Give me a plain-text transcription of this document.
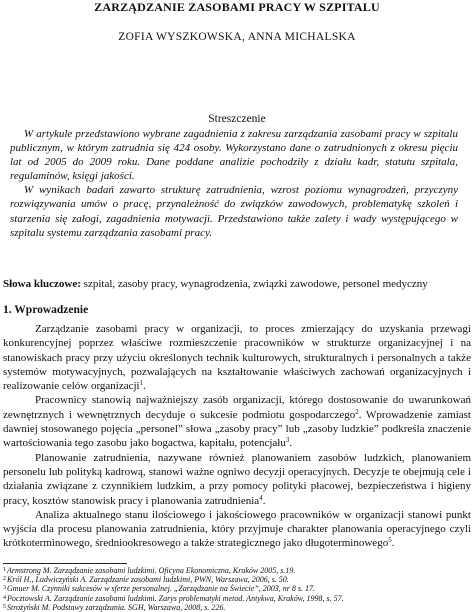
ZARZĄDZANIE ZASOBAMI PRACY W SZPITALU
ZOFIA WYSZKOWSKA, ANNA MICHALSKA
Streszczenie

W artykule przedstawiono wybrane zagadnienia z zakresu zarządzania zasobami pracy w szpitalu publicznym, w którym zatrudnia się 424 osoby. Wykorzystano dane o zatrudnionych z okresu pięciu lat od 2005 do 2009 roku. Dane poddane analizie pochodziły z działu kadr, statutu szpitala, regulaminów, księgi jakości.

W wynikach badań zawarto strukturę zatrudnienia, wzrost poziomu wynagrodzeń, przyczyny rozwiązywania umów o pracę, przynależność do związków zawodowych, problematykę szkoleń i starzenia się załogi, zagadnienia motywacji. Przedstawiono także zalety i wady występującego w szpitalu systemu zarządzania zasobami pracy.

Słowa kluczowe: szpital, zasoby pracy, wynagrodzenia, związki zawodowe, personel medyczny
1. Wprowadzenie

Zarządzanie zasobami pracy w organizacji, to proces zmierzający do uzyskania przewagi konkurencyjnej poprzez właściwe rozmieszczenie pracowników w strukturze organizacyjnej i na stanowiskach pracy przy użyciu określonych technik kulturowych, strukturalnych i personalnych a także systemów motywacyjnych, pozwalających na kształtowanie właściwych zachowań organizacyjnych i realizowanie celów organizacji$^1$.

Pracownicy stanowią najważniejszy zasób organizacji, którego dostosowanie do uwarunkowań zewnętrznych i wewnętrznych decyduje o sukcesie podmiotu gospodarczego$^2$. Wprowadzenie zamiast dawniej stosowanego pojęcia „personel” słowa „zasoby pracy” lub „zasoby ludzkie” podkreśla znaczenie wartościowania tego zasobu jako bogactwa, kapitału, potencjału$^3$.

Planowanie zatrudnienia, nazywane również planowaniem zasobów ludzkich, planowaniem personelu lub polityką kadrową, stanowi ważne ogniwo decyzji operacyjnych. Decyzje te obejmują cele i działania związane z czynnikiem ludzkim, a przy pomocy polityki płacowej, bezpieczeństwa i higieny pracy, kosztów stanowisk pracy i planowania zatrudnienia$^4$.

Analiza aktualnego stanu ilościowego i jakościowego pracowników w organizacji stanowi punkt wyjścia dla procesu planowania zatrudnienia, który przyjmuje charakter planowania operacyjnego czyli krótkoterminowego, średniookresowego a także strategicznego jako długoterminowego$^5$.

$^1$Armstrong M. Zarządzanie zasobami ludzkimi. Oficyna Ekonomiczna, Kraków 2005, s.19.
$^2$Król H., Ludwiczyński A. Zarządzanie zasobami ludzkimi, PWN, Warszawa, 2006, s. 50.
$^3$Gmuer M. Czynniki sukcesów w sferze personalnej. „Zarządzanie na Świecie”, 2003, nr 8 s. 17.
$^4$Pocztowski A. Zarządzanie zasobami ludzkimi. Zarys problematyki metod. Antykwa, Kraków, 1998, s. 57.
$^5$Strożyński M. Podstawy zarządzania. SGH, Warszawa, 2008, s. 226.
